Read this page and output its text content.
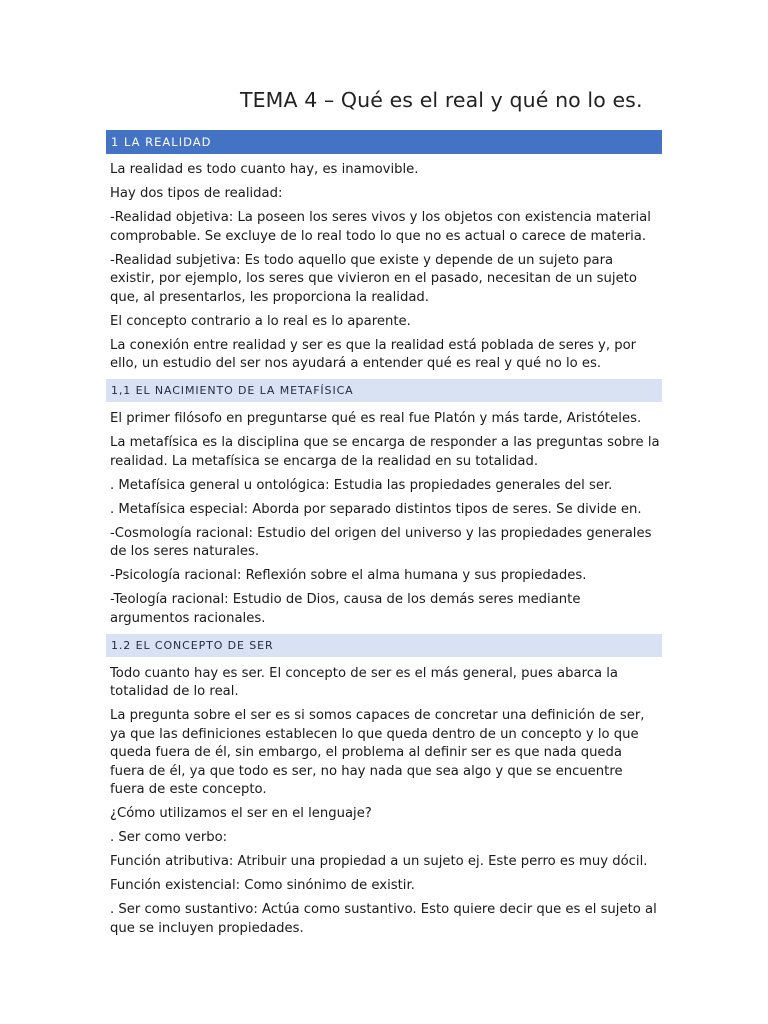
TEMA 4 – Qué es el real y qué no lo es.
1 LA REALIDAD

La realidad es todo cuanto hay, es inamovible.

Hay dos tipos de realidad:

-Realidad objetiva: La poseen los seres vivos y los objetos con existencia material comprobable. Se excluye de lo real todo lo que no es actual o carece de materia.

-Realidad subjetiva: Es todo aquello que existe y depende de un sujeto para existir, por ejemplo, los seres que vivieron en el pasado, necesitan de un sujeto que, al presentarlos, les proporciona la realidad.

El concepto contrario a lo real es lo aparente.

La conexión entre realidad y ser es que la realidad está poblada de seres y, por ello, un estudio del ser nos ayudará a entender qué es real y qué no lo es.

1,1 EL NACIMIENTO DE LA METAFÍSICA

El primer filósofo en preguntarse qué es real fue Platón y más tarde, Aristóteles.

La metafísica es la disciplina que se encarga de responder a las preguntas sobre la realidad. La metafísica se encarga de la realidad en su totalidad.

. Metafísica general u ontológica: Estudia las propiedades generales del ser.

. Metafísica especial: Aborda por separado distintos tipos de seres. Se divide en.

-Cosmología racional: Estudio del origen del universo y las propiedades generales de los seres naturales.

-Psicología racional: Reflexión sobre el alma humana y sus propiedades.

-Teología racional: Estudio de Dios, causa de los demás seres mediante argumentos racionales.

1.2 EL CONCEPTO DE SER

Todo cuanto hay es ser. El concepto de ser es el más general, pues abarca la totalidad de lo real.

La pregunta sobre el ser es si somos capaces de concretar una definición de ser, ya que las definiciones establecen lo que queda dentro de un concepto y lo que queda fuera de él, sin embargo, el problema al definir ser es que nada queda fuera de él, ya que todo es ser, no hay nada que sea algo y que se encuentre fuera de este concepto.

¿Cómo utilizamos el ser en el lenguaje?

. Ser como verbo:

Función atributiva: Atribuir una propiedad a un sujeto ej. Este perro es muy dócil.

Función existencial: Como sinónimo de existir.

. Ser como sustantivo: Actúa como sustantivo. Esto quiere decir que es el sujeto al que se incluyen propiedades.
